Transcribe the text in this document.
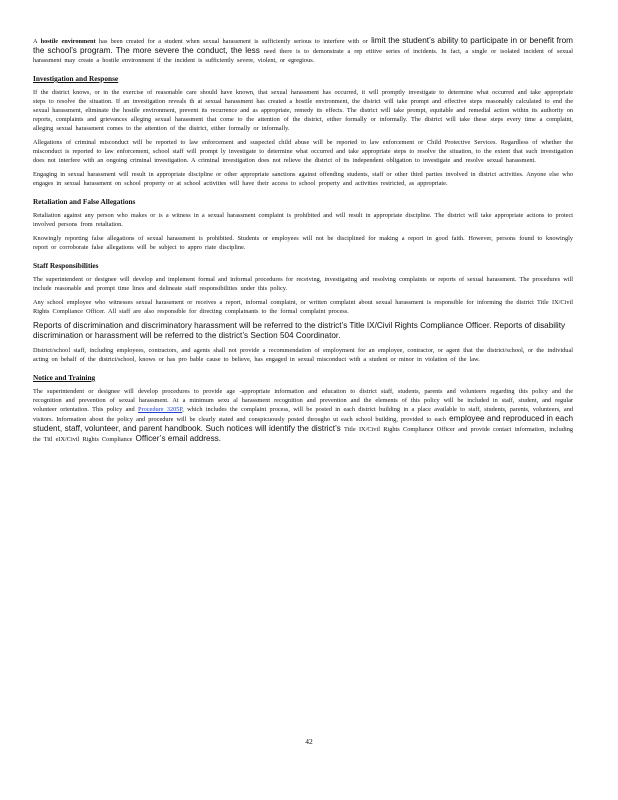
A hostile environment has been created for a student when sexual harassment is sufficiently serious to interfere with or limit the student’s ability to participate in or benefit from the school’s program. The more severe the conduct, the less need there is to demonstrate a rep etitive series of incidents. In fact, a single or isolated incident of sexual harassment may create a hostile environment if the incident is sufficiently severe, violent, or egregious.

Investigation and Response

If the district knows, or in the exercise of reasonable care should have known, that sexual harassment has occurred, it will promptly investigate to determine what occurred and take appropriate steps to resolve the situation. If an investigation reveals th at sexual harassment has created a hostile environment, the district will take prompt and effective steps reasonably calculated to end the sexual harassment, eliminate the hostile environment, prevent its recurrence and as appropriate, remedy its effects. The district will take prompt, equitable and remedial action within its authority on reports, complaints and grievances alleging sexual harassment that come to the attention of the district, either formally or informally. The district will take these steps every time a complaint, alleging sexual harassment comes to the attention of the district, either formally or informally.

Allegations of criminal misconduct will be reported to law enforcement and suspected child abuse will be reported to law enforcement or Child Protective Services. Regardless of whether the misconduct is reported to law enforcement, school staff will prompt ly investigate to determine what occurred and take appropriate steps to resolve the situation, to the extent that such investigation does not interfere with an ongoing criminal investigation. A criminal investigation does not relieve the district of its independent obligation to investigate and resolve sexual harassment.

Engaging in sexual harassment will result in appropriate discipline or other appropriate sanctions against offending students, staff or other third parties involved in district activities. Anyone else who engages in sexual harassment on school property or at school activities will have their access to school property and activities restricted, as appropriate.

Retaliation and False Allegations

Retaliation against any person who makes or is a witness in a sexual harassment complaint is prohibited and will result in appropriate discipline. The district will take appropriate actions to protect involved persons from retaliation.

Knowingly reporting false allegations of sexual harassment is prohibited. Students or employees will not be disciplined for making a report in good faith. However, persons found to knowingly report or corroborate false allegations will be subject to appro riate discipline.

Staff Responsibilities

The superintendent or designee will develop and implement formal and informal procedures for receiving, investigating and resolving complaints or reports of sexual harassment. The procedures will include reasonable and prompt time lines and delineate staff responsibilities under this policy.

Any school employee who witnesses sexual harassment or receives a report, informal complaint, or written complaint about sexual harassment is responsible for informing the district Title IX/Civil Rights Compliance Officer. All staff are also responsible for directing complainants to the formal complaint process.

Reports of discrimination and discriminatory harassment will be referred to the district’s Title IX/Civil Rights Compliance Officer. Reports of disability discrimination or harassment will be referred to the district’s Section 504 Coordinator.

District/school staff, including employees, contractors, and agents shall not provide a recommendation of employment for an employee, contractor, or agent that the district/school, or the individual acting on behalf of the district/school, knows or has pro bable cause to believe, has engaged in sexual misconduct with a student or minor in violation of the law.

Notice and Training

The superintendent or designee will develop procedures to provide age -appropriate information and education to district staff, students, parents and volunteers regarding this policy and the recognition and prevention of sexual harassment. At a minimum sexu al harassment recognition and prevention and the elements of this policy will be included in staff, student, and regular volunteer orientation. This policy and Procedure 3205P, which includes the complaint process, will be posted in each district building in a place available to staff, students, parents, volunteers, and visitors. Information about the policy and procedure will be clearly stated and conspicuously posted througho ut each school building, provided to each employee and reproduced in each student, staff, volunteer, and parent handbook. Such notices will identify the district’s Title IX/Civil Rights Compliance Officer and provide contact information, including the Titl eIX/Civil Rights Compliance Officer’s email address.

42
